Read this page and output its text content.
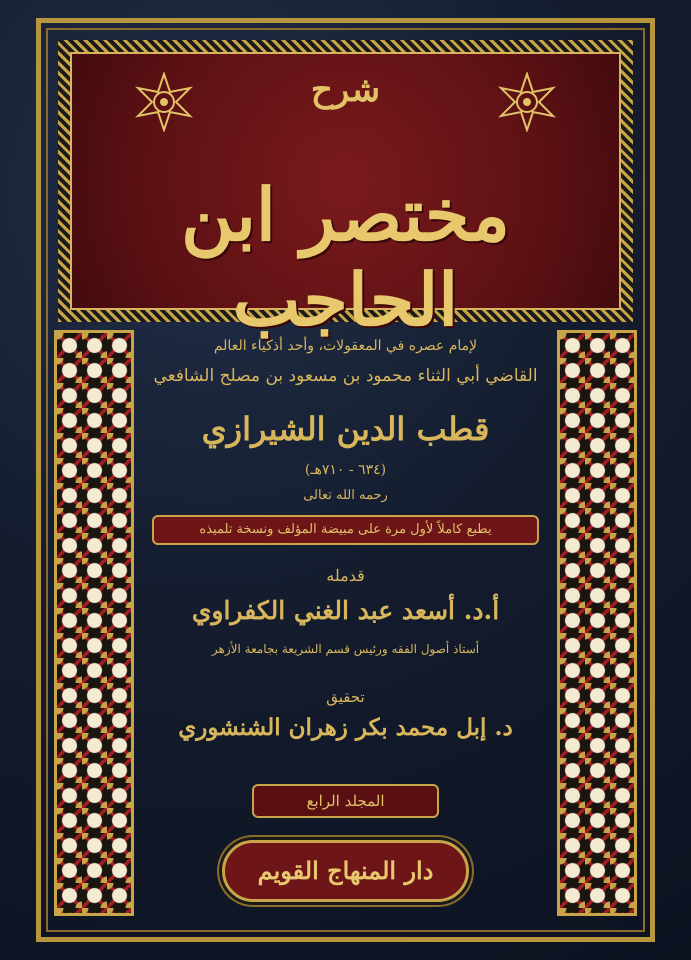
شرح
مختصر ابن الحاجب
لإمام عصره في المعقولات، وأحد أذكياء العالم
القاضي أبي الثناء محمود بن مسعود بن مصلح الشافعي
قطب الدين الشيرازي
(٦٣٤ - ٧١٠هـ)
رحمه الله تعالى
يطبع كاملاً لأول مرة على مبيضة المؤلف ونسخة تلميذه
قدمله
أ.د. أسعد عبد الغني الكفراوي
أستاذ أصول الفقه ورئيس قسم الشريعة بجامعة الأزهر
تحقيق
د. إبل محمد بكر زهران الشنشوري
المجلد الرابع
دار المنهاج القويم
